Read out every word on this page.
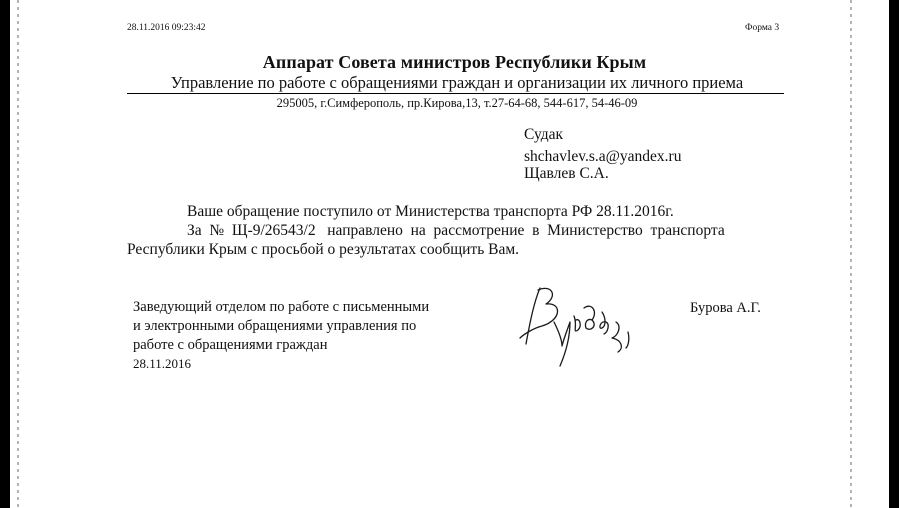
28.11.2016 09:23:42	Форма 3
Аппарат Совета министров Республики Крым
Управление по работе с обращениями граждан и организации их личного приема
295005, г.Симферополь, пр.Кирова,13, т.27-64-68, 544-617, 54-46-09
Судак
shchavlev.s.a@yandex.ru
Щавлев С.А.
Ваше обращение поступило от Министерства транспорта РФ 28.11.2016г.
За  №  Щ-9/26543/2   направлено  на  рассмотрение  в  Министерство  транспорта
Республики Крым с просьбой о результатах сообщить Вам.
Заведующий отделом по работе с письменными
и электронными обращениями управления по
работе с обращениями граждан
28.11.2016
Бурова А.Г.
